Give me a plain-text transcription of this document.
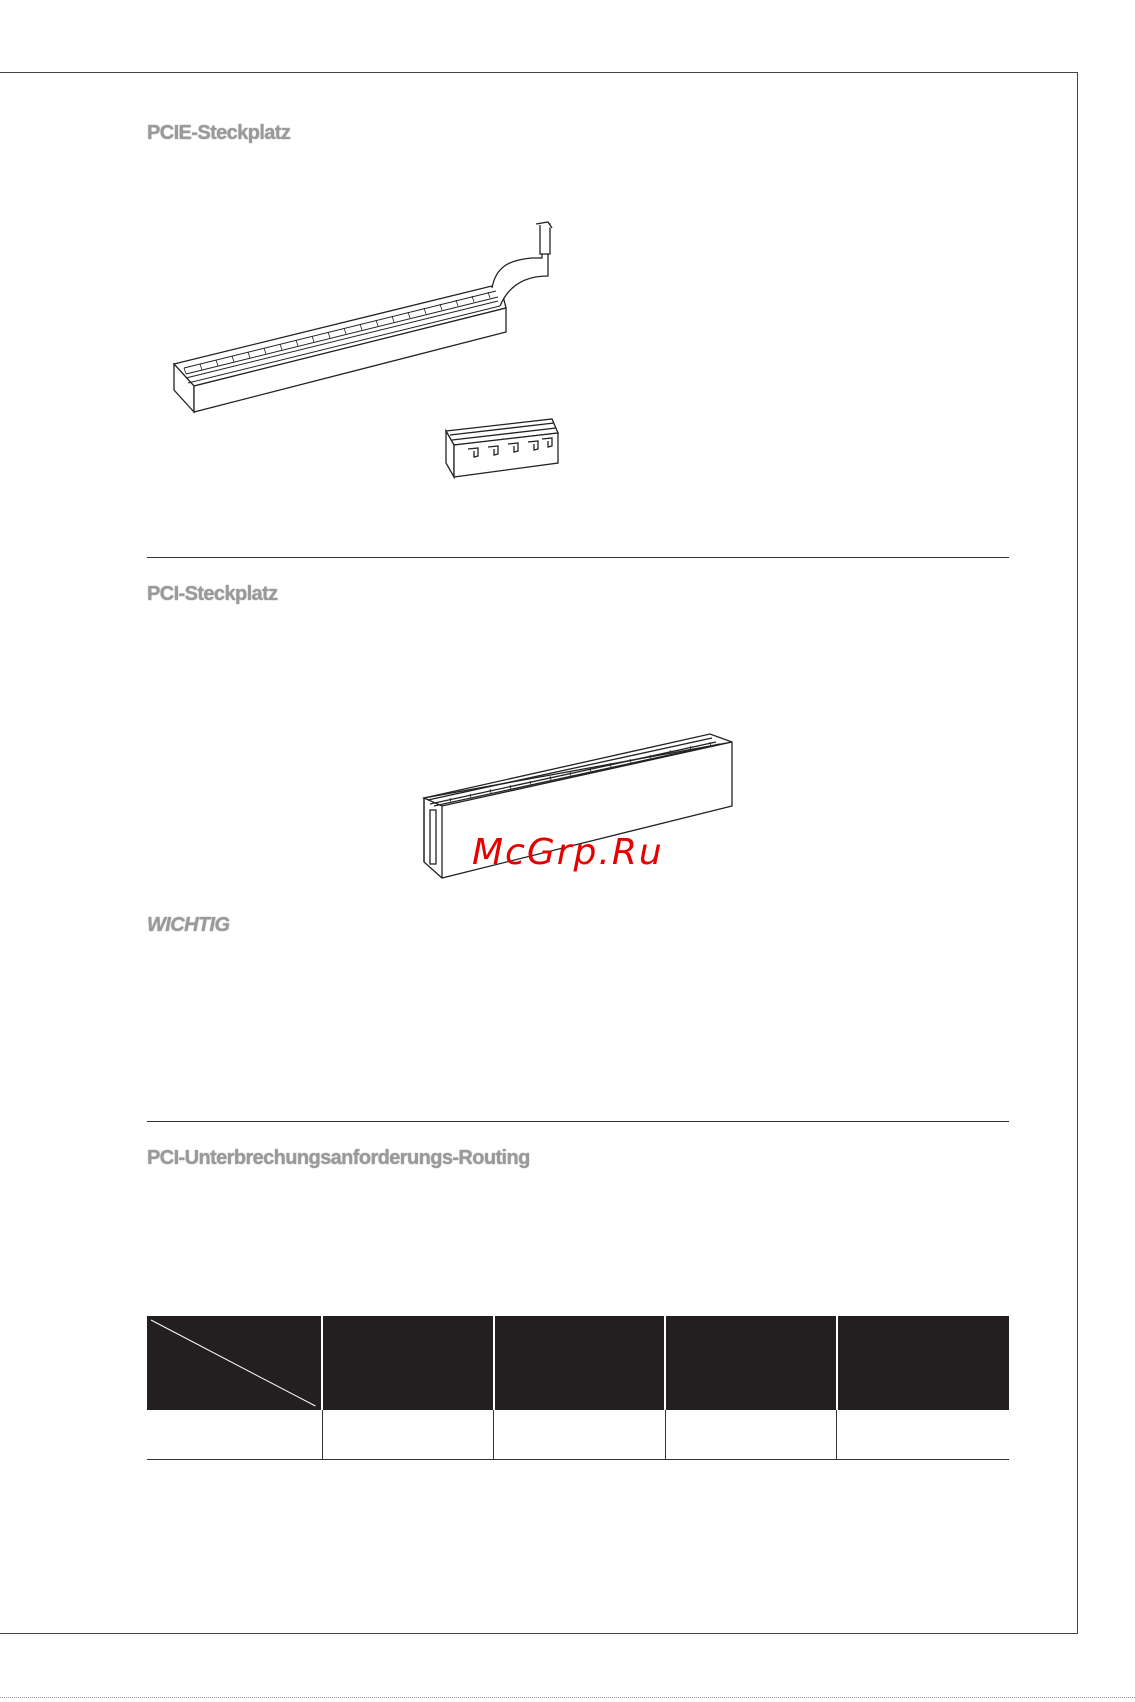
PCIE-Steckplatz
PCI-Steckplatz
McGrp.Ru
WICHTIG
PCI-Unterbrechungsanforderungs-Routing
